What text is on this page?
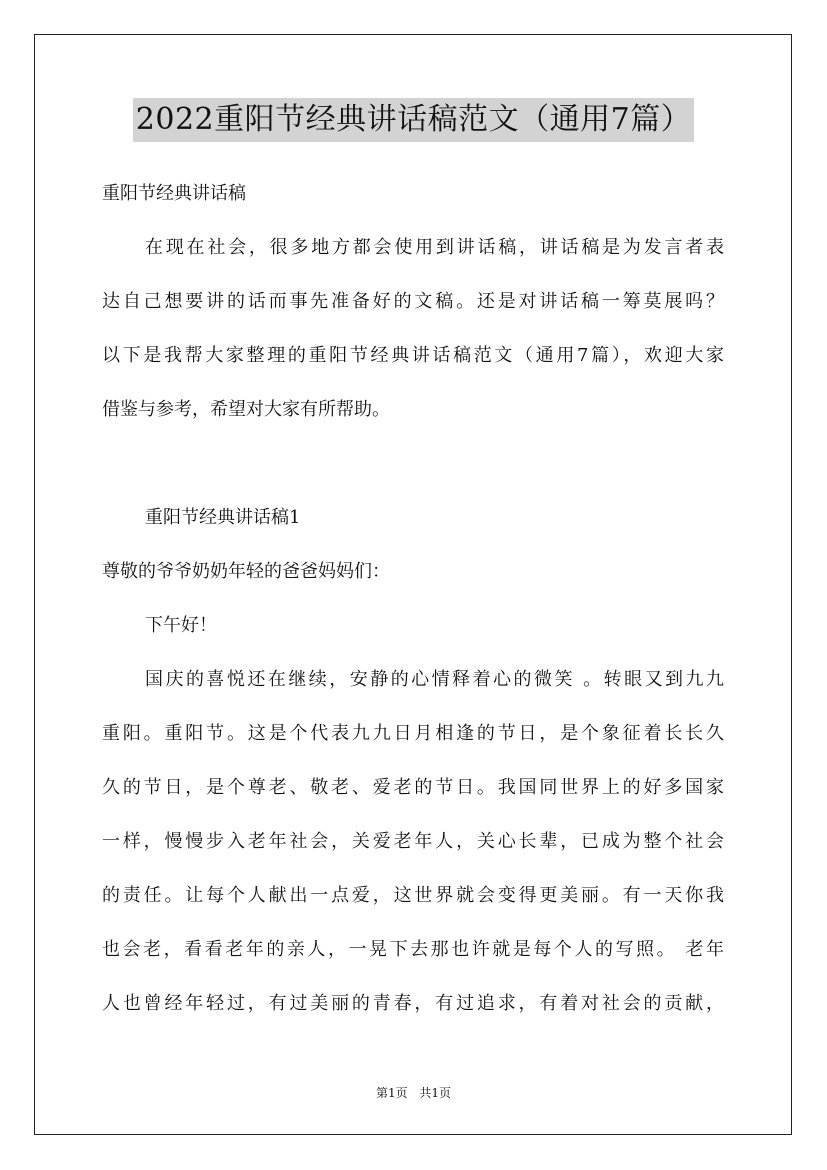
2022重阳节经典讲话稿范文（通用7篇）
重阳节经典讲话稿
在现在社会，很多地方都会使用到讲话稿，讲话稿是为发言者表
达自己想要讲的话而事先准备好的文稿。还是对讲话稿一筹莫展吗？
以下是我帮大家整理的重阳节经典讲话稿范文（通用7篇），欢迎大家
借鉴与参考，希望对大家有所帮助。
重阳节经典讲话稿1
尊敬的爷爷奶奶年轻的爸爸妈妈们：
下午好！
国庆的喜悦还在继续，安静的心情释着心的微笑 。转眼又到九九
重阳。重阳节。这是个代表九九日月相逢的节日，是个象征着长长久
久的节日，是个尊老、敬老、爱老的节日。我国同世界上的好多国家
一样，慢慢步入老年社会，关爱老年人，关心长辈，已成为整个社会
的责任。让每个人献出一点爱，这世界就会变得更美丽。有一天你我
也会老，看看老年的亲人，一晃下去那也许就是每个人的写照。 老年
人也曾经年轻过，有过美丽的青春，有过追求，有着对社会的贡献，
第1页 共1页
